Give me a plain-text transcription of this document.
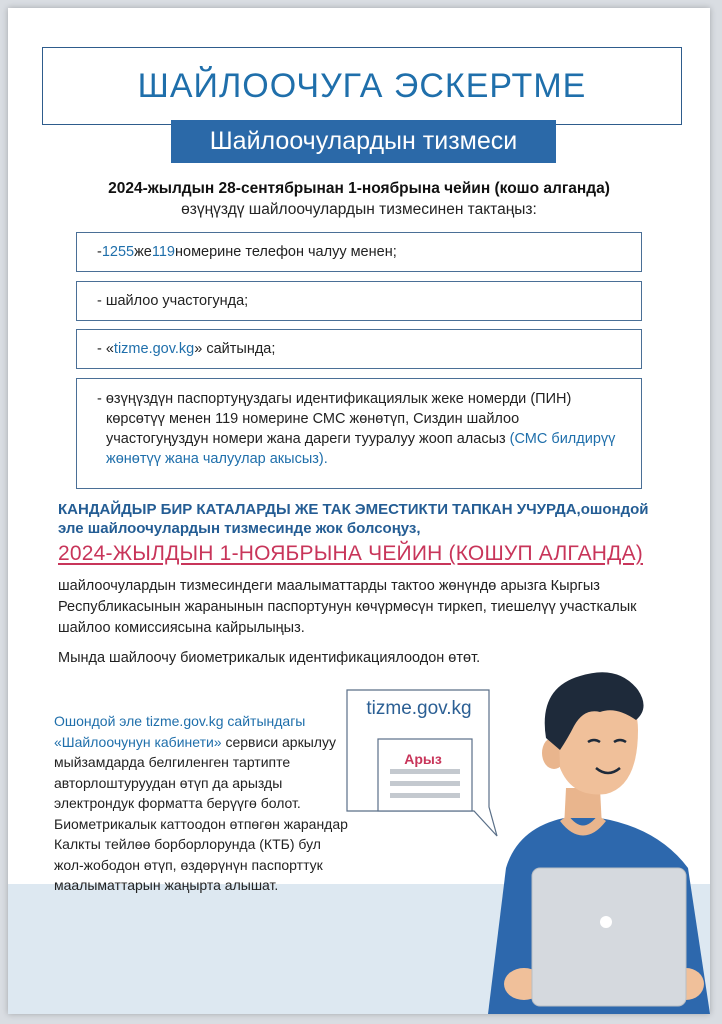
ШАЙЛООЧУГА ЭСКЕРТМЕ
Шайлоочулардын тизмеси
2024-жылдын 28-сентябрынан 1-ноябрына чейин (кошо алганда)
өзүңүздү шайлоочулардын тизмесинен тактаңыз:
- 1255 же 119 номерине телефон чалуу менен;
- шайлоо участогунда;
- « tizme.gov.kg » сайтында;
- өзүңүздүн паспортуңуздагы идентификациялык жеке номерди (ПИН) көрсөтүү менен 119 номерине СМС жөнөтүп, Сиздин шайлоо участогуңуздун номери жана дареги тууралуу жооп аласыз (СМС билдирүү жөнөтүү жана чалуулар акысыз).
КАНДАЙДЫР БИР КАТАЛАРДЫ ЖЕ ТАК ЭМЕСТИКТИ ТАПКАН УЧУРДА,ошондой эле шайлоочулардын тизмесинде жок болсоңуз,
2024-ЖЫЛДЫН 1-НОЯБРЫНА ЧЕЙИН (КОШУП АЛГАНДА)
шайлоочулардын тизмесиндеги маалыматтарды тактоо жөнүндө арызга Кыргыз Республикасынын жаранынын паспортунун көчүрмөсүн тиркеп, тиешелүү участкалык шайлоо комиссиясына кайрылыңыз.
Мында шайлоочу биометрикалык идентификациялоодон өтөт.
Ошондой эле tizme.gov.kg сайтындагы «Шайлоочунун кабинети» сервиси аркылуу мыйзамдарда белгиленген тартипте авторлоштуруудан өтүп да арызды электрондук форматта берүүгө болот. Биометрикалык каттоодон өтпөгөн жарандар Калкты тейлөө борборлорунда (КТБ) бул жол-жободон өтүп, өздөрүнүн паспорттук маалыматтарын жаңырта алышат.
tizme.gov.kg
Арыз
